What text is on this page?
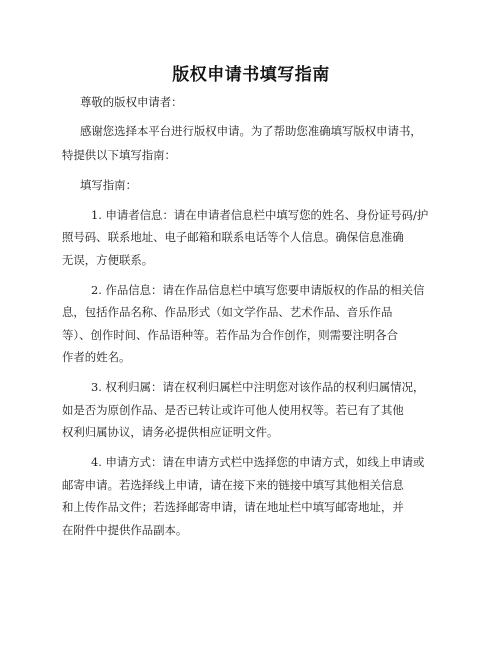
版权申请书填写指南
尊敬的版权申请者：
感谢您选择本平台进行版权申请。为了帮助您准确填写版权申请书，
特提供以下填写指南：
填写指南：
1. 申请者信息：请在申请者信息栏中填写您的姓名、身份证号码/护
照号码、联系地址、电子邮箱和联系电话等个人信息。确保信息准确
无误，方便联系。
2. 作品信息：请在作品信息栏中填写您要申请版权的作品的相关信
息，包括作品名称、作品形式（如文学作品、艺术作品、音乐作品
等）、创作时间、作品语种等。若作品为合作创作，则需要注明各合
作者的姓名。
3. 权利归属：请在权利归属栏中注明您对该作品的权利归属情况，
如是否为原创作品、是否已转让或许可他人使用权等。若已有了其他
权利归属协议，请务必提供相应证明文件。
4. 申请方式：请在申请方式栏中选择您的申请方式，如线上申请或
邮寄申请。若选择线上申请，请在接下来的链接中填写其他相关信息
和上传作品文件；若选择邮寄申请，请在地址栏中填写邮寄地址，并
在附件中提供作品副本。
